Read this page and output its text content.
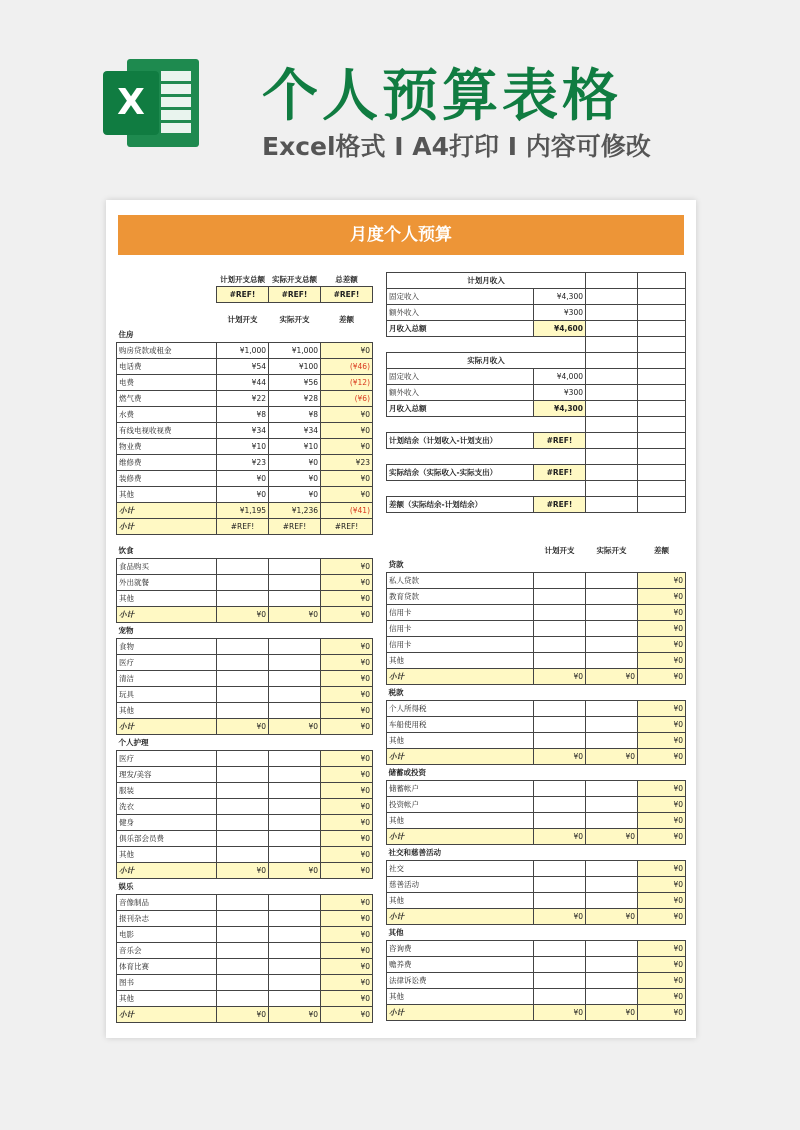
X 个人预算表格
Excel格式 I A4打印 I 内容可修改
月度个人预算
	计划开支总额	实际开支总额	总差额
	#REF!	#REF!	#REF!

	计划开支	实际开支	差额
住房			
购房贷款或租金	¥1,000	¥1,000	¥0
电话费	¥54	¥100	(¥46)
电费	¥44	¥56	(¥12)
燃气费	¥22	¥28	(¥6)
水费	¥8	¥8	¥0
有线电视收视费	¥34	¥34	¥0
物业费	¥10	¥10	¥0
维修费	¥23	¥0	¥23
装修费	¥0	¥0	¥0
其他	¥0	¥0	¥0
小计	¥1,195	¥1,236	(¥41)
小计	#REF!	#REF!	#REF!

饮食			
食品购买			¥0
外出就餐			¥0
其他			¥0
小计	¥0	¥0	¥0
宠物			
食物			¥0
医疗			¥0
清洁			¥0
玩具			¥0
其他			¥0
小计	¥0	¥0	¥0
个人护理			
医疗			¥0
理发/美容			¥0
服装			¥0
洗衣			¥0
健身			¥0
俱乐部会员费			¥0
其他			¥0
小计	¥0	¥0	¥0
娱乐			
音像制品			¥0
报刊杂志			¥0
电影			¥0
音乐会			¥0
体育比赛			¥0
图书			¥0
其他			¥0
小计	¥0	¥0	¥0
计划月收入			
固定收入	¥4,300		
额外收入	¥300		
月收入总额	¥4,600		

实际月收入			
固定收入	¥4,000		
额外收入	¥300		
月收入总额	¥4,300		

计划结余（计划收入-计划支出）	#REF!		

实际结余（实际收入-实际支出）	#REF!		

差额（实际结余-计划结余）	#REF!		

	计划开支	实际开支	差额
贷款			
私人贷款			¥0
教育贷款			¥0
信用卡			¥0
信用卡			¥0
信用卡			¥0
其他			¥0
小计	¥0	¥0	¥0
税款			
个人所得税			¥0
车船使用税			¥0
其他			¥0
小计	¥0	¥0	¥0
储蓄或投资			
储蓄帐户			¥0
投资帐户			¥0
其他			¥0
小计	¥0	¥0	¥0
社交和慈善活动			
社交			¥0
慈善活动			¥0
其他			¥0
小计	¥0	¥0	¥0
其他			
咨询费			¥0
赡养费			¥0
法律诉讼费			¥0
其他			¥0
小计	¥0	¥0	¥0
